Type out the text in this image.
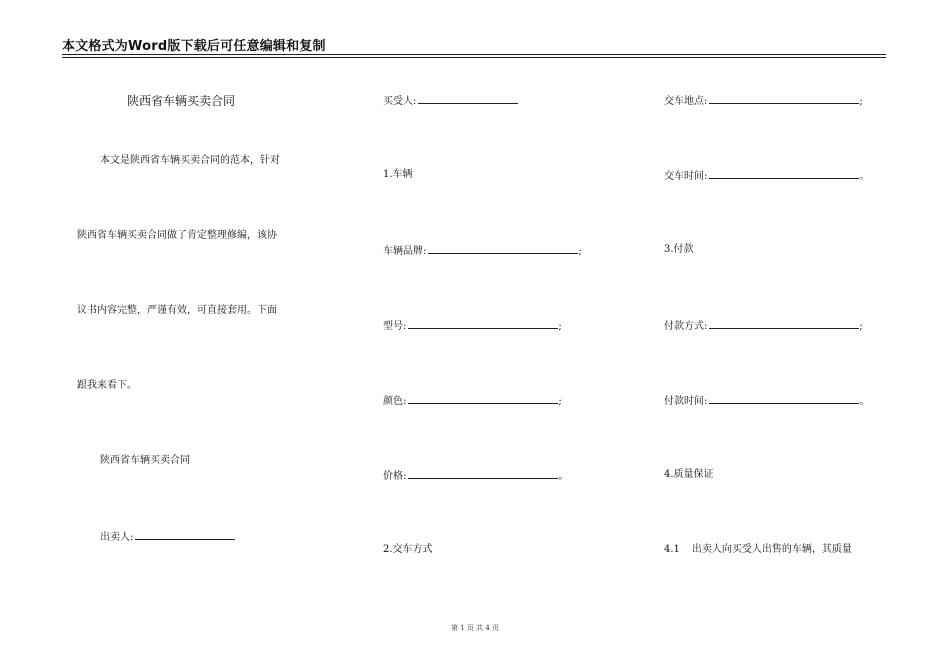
本文格式为Word版下载后可任意编辑和复制
陕西省车辆买卖合同
本文是陕西省车辆买卖合同的范本，针对
陕西省车辆买卖合同做了肯定整理修编，该协
议书内容完整，严谨有效，可直接套用。下面
跟我来看下。
陕西省车辆买卖合同
出卖人:
买受人:
1.车辆
车辆品牌:	;
型号:	;
颜色:	;
价格:	。
2.交车方式
交车地点:	;
交车时间:	。
3.付款
付款方式:	;
付款时间:	。
4.质量保证
4.1 出卖人向买受人出售的车辆，其质量
第 1 页 共 4 页
